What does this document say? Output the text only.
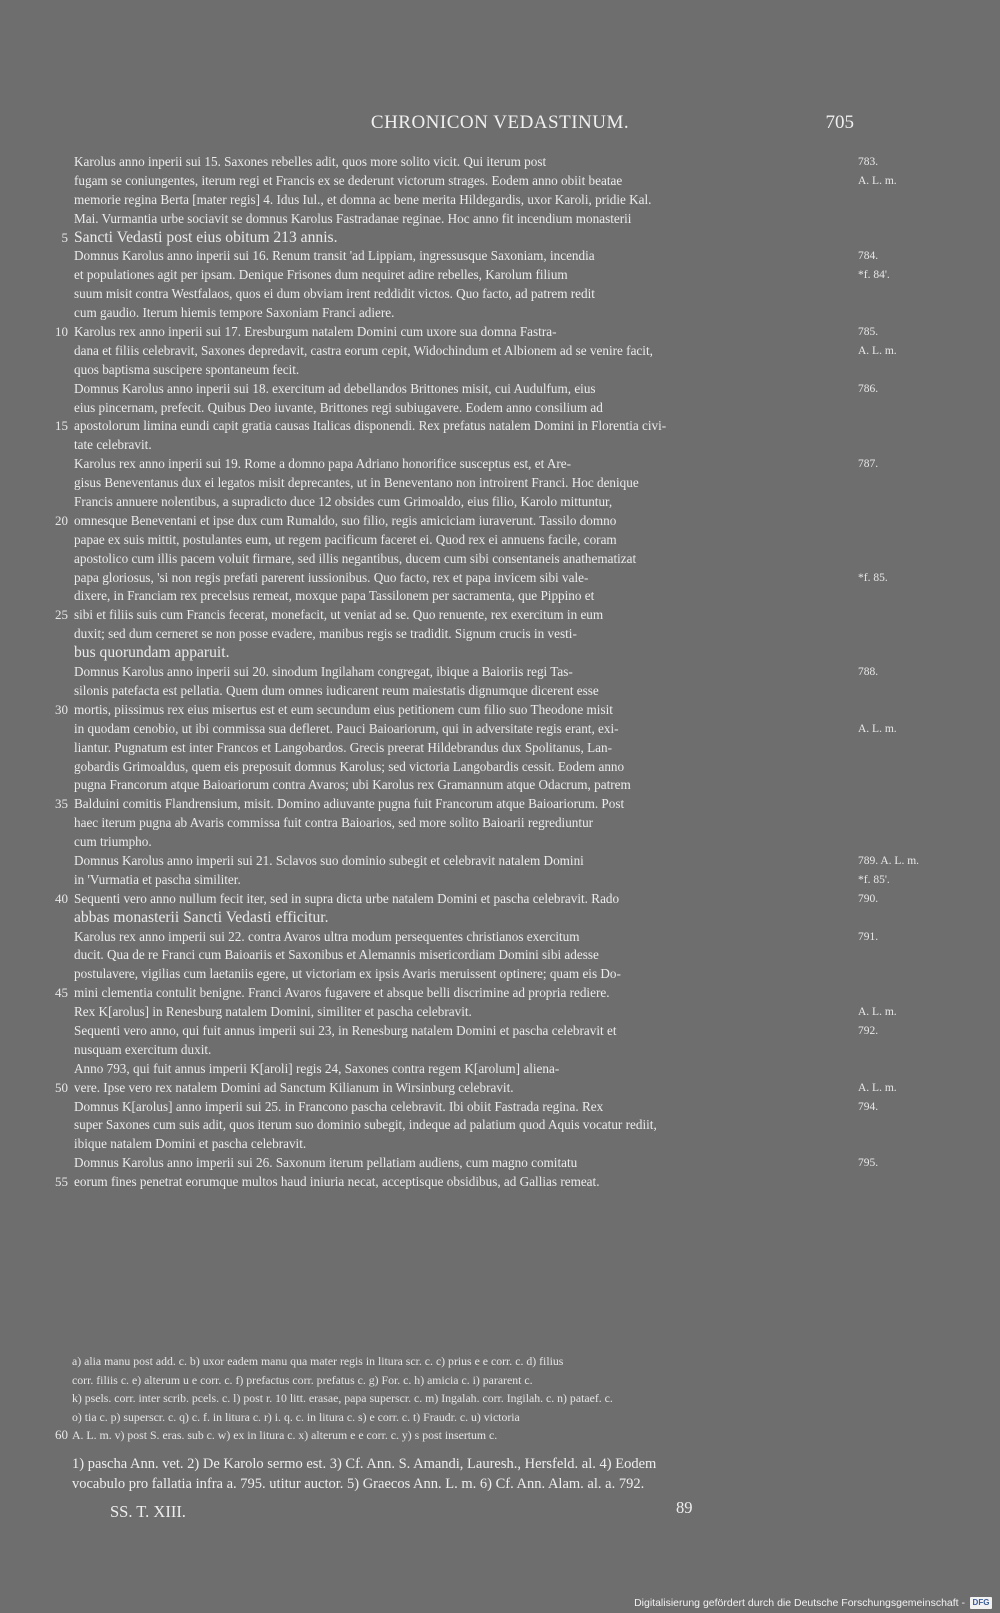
CHRONICON VEDASTINUM.	705
Karolus anno inperii sui 15. Saxones rebelles adit, quos more solito vicit. Qui iterum post	783.
fugam se coniungentes, iterum regi et Francis ex se dederunt victorum strages. Eodem anno obiit beatae	A. L. m.
memorie regina Berta [mater regis] 4. Idus Iul., et domna ac bene merita Hildegardis, uxor Karoli, pridie Kal.
Mai. Vurmantia urbe sociavit se domnus Karolus Fastradanae reginae. Hoc anno fit incendium monasterii
5 Sancti Vedasti post eius obitum 213 annis.
Domnus Karolus anno inperii sui 16. Renum transit 'ad Lippiam, ingressusque Saxoniam, incendia	784.
et populationes agit per ipsam. Denique Frisones dum nequiret adire rebelles, Karolum filium	*f. 84'.
suum misit contra Westfalaos, quos ei dum obviam irent reddidit victos. Quo facto, ad patrem redit
cum gaudio. Iterum hiemis tempore Saxoniam Franci adiere.
10 Karolus rex anno inperii sui 17. Eresburgum natalem Domini cum uxore sua domna Fastra-	785.
dana et filiis celebravit, Saxones depredavit, castra eorum cepit, Widochindum et Albionem ad se venire facit,	A. L. m.
quos baptisma suscipere spontaneum fecit.
Domnus Karolus anno inperii sui 18. exercitum ad debellandos Brittones misit, cui Audulfum, eius	786.
eius pincernam, prefecit. Quibus Deo iuvante, Brittones regi subiugavere. Eodem anno consilium ad
15 apostolorum limina eundi capit gratia causas Italicas disponendi. Rex prefatus natalem Domini in Florentia civi-
tate celebravit.
Karolus rex anno inperii sui 19. Rome a domno papa Adriano honorifice susceptus est, et Are-	787.
gisus Beneventanus dux ei legatos misit deprecantes, ut in Beneventano non introirent Franci. Hoc denique
Francis annuere nolentibus, a supradicto duce 12 obsides cum Grimoaldo, eius filio, Karolo mittuntur,
20 omnesque Beneventani et ipse dux cum Rumaldo, suo filio, regis amiciciam iuraverunt. Tassilo domno
papae ex suis mittit, postulantes eum, ut regem pacificum faceret ei. Quod rex ei annuens facile, coram
apostolico cum illis pacem voluit firmare, sed illis negantibus, ducem cum sibi consentaneis anathematizat
papa gloriosus, 'si non regis prefati parerent iussionibus. Quo facto, rex et papa invicem sibi vale-	*f. 85.
dixere, in Franciam rex precelsus remeat, moxque papa Tassilonem per sacramenta, que Pippino et
25 sibi et filiis suis cum Francis fecerat, monefacit, ut veniat ad se. Quo renuente, rex exercitum in eum
duxit; sed dum cerneret se non posse evadere, manibus regis se tradidit. Signum crucis in vesti-
bus quorundam apparuit.
Domnus Karolus anno inperii sui 20. sinodum Ingilaham congregat, ibique a Baioriis regi Tas-	788.
silonis patefacta est pellatia. Quem dum omnes iudicarent reum maiestatis dignumque dicerent esse
30 mortis, piissimus rex eius misertus est et eum secundum eius petitionem cum filio suo Theodone misit
in quodam cenobio, ut ibi commissa sua defleret. Pauci Baioariorum, qui in adversitate regis erant, exi-	A. L. m.
liantur. Pugnatum est inter Francos et Langobardos. Grecis preerat Hildebrandus dux Spolitanus, Lan-
gobardis Grimoaldus, quem eis preposuit domnus Karolus; sed victoria Langobardis cessit. Eodem anno
pugna Francorum atque Baioariorum contra Avaros; ubi Karolus rex Gramannum atque Odacrum, patrem
35 Balduini comitis Flandrensium, misit. Domino adiuvante pugna fuit Francorum atque Baioariorum. Post
haec iterum pugna ab Avaris commissa fuit contra Baioarios, sed more solito Baioarii regrediuntur
cum triumpho.
Domnus Karolus anno imperii sui 21. Sclavos suo dominio subegit et celebravit natalem Domini	789. A. L. m.
in 'Vurmatia et pascha similiter.	*f. 85'.
40 Sequenti vero anno nullum fecit iter, sed in supra dicta urbe natalem Domini et pascha celebravit. Rado	790.
abbas monasterii Sancti Vedasti efficitur.
Karolus rex anno imperii sui 22. contra Avaros ultra modum persequentes christianos exercitum	791.
ducit. Qua de re Franci cum Baioariis et Saxonibus et Alemannis misericordiam Domini sibi adesse
postulavere, vigilias cum laetaniis egere, ut victoriam ex ipsis Avaris meruissent optinere; quam eis Do-
45 mini clementia contulit benigne. Franci Avaros fugavere et absque belli discrimine ad propria rediere.
Rex K[arolus] in Renesburg natalem Domini, similiter et pascha celebravit.	A. L. m.
Sequenti vero anno, qui fuit annus imperii sui 23, in Renesburg natalem Domini et pascha celebravit et	792.
nusquam exercitum duxit.
Anno 793, qui fuit annus imperii K[aroli] regis 24, Saxones contra regem K[arolum] aliena-
50 vere. Ipse vero rex natalem Domini ad Sanctum Kilianum in Wirsinburg celebravit.	A. L. m.
Domnus K[arolus] anno imperii sui 25. in Francono pascha celebravit. Ibi obiit Fastrada regina. Rex	794.
super Saxones cum suis adit, quos iterum suo dominio subegit, indeque ad palatium quod Aquis vocatur rediit,
ibique natalem Domini et pascha celebravit.
Domnus Karolus anno imperii sui 26. Saxonum iterum pellatiam audiens, cum magno comitatu	795.
55 eorum fines penetrat eorumque multos haud iniuria necat, acceptisque obsidibus, ad Gallias remeat.
a) alia manu post add. c. b) uxor eadem manu qua mater regis in litura scr. c. c) prius e e corr. c. d) filius
corr. filiis c. e) alterum u e corr. c. f) prefactus corr. prefatus c. g) For. c. h) amicia c. i) pararent c.
k) psels. corr. inter scrib. pcels. c. l) post r. 10 litt. erasae, papa superscr. c. m) Ingalah. corr. Ingilah. c. n) pataef. c.
o) tia c. p) superscr. c. q) c. f. in litura c. r) i. q. c. in litura c. s) e corr. c. t) Fraudr. c. u) victoria
60 A. L. m. v) post S. eras. sub c. w) ex in litura c. x) alterum e e corr. c. y) s post insertum c.
1) pascha Ann. vet. 2) De Karolo sermo est. 3) Cf. Ann. S. Amandi, Lauresh., Hersfeld. al. 4) Eodem
vocabulo pro fallatia infra a. 795. utitur auctor. 5) Graecos Ann. L. m. 6) Cf. Ann. Alam. al. a. 792.
SS. T. XIII.	89
Digitalisierung gefördert durch die Deutsche Forschungsgemeinschaft - DFG
